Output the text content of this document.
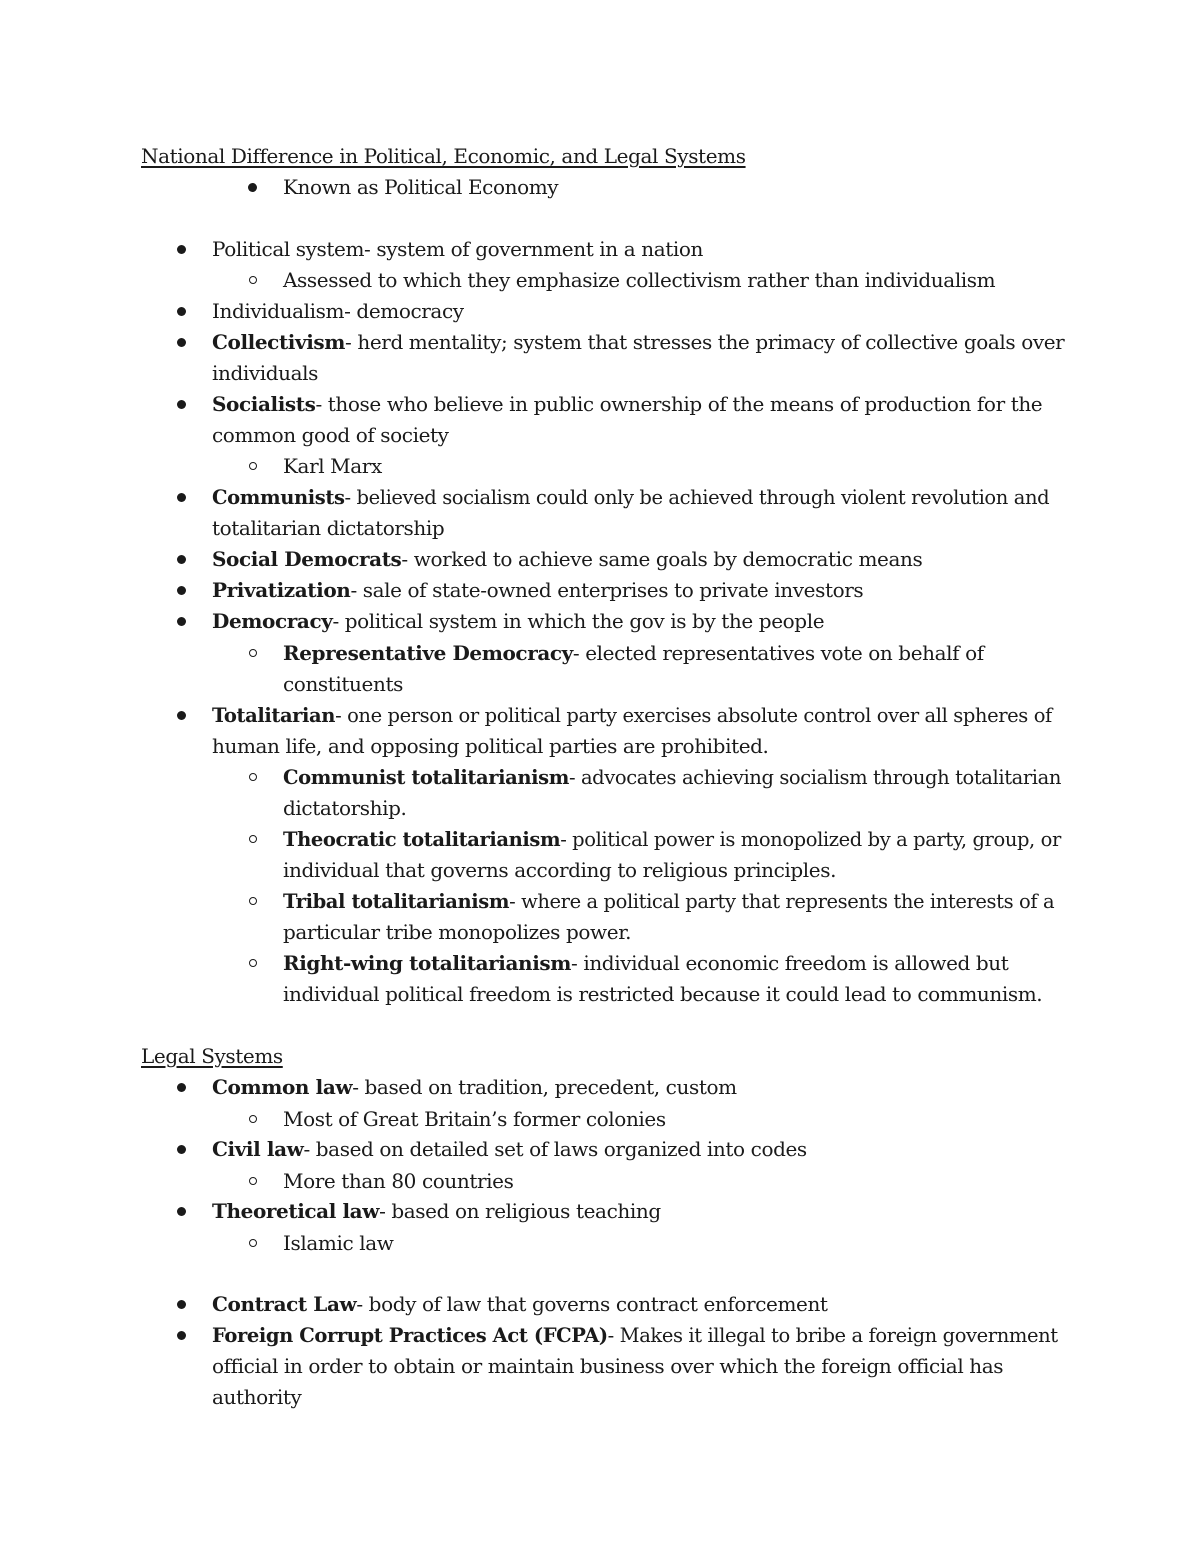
National Difference in Political, Economic, and Legal Systems
Known as Political Economy
Political system- system of government in a nation
Assessed to which they emphasize collectivism rather than individualism
Individualism- democracy
Collectivism- herd mentality; system that stresses the primacy of collective goals over
individuals
Socialists- those who believe in public ownership of the means of production for the
common good of society
Karl Marx
Communists- believed socialism could only be achieved through violent revolution and
totalitarian dictatorship
Social Democrats- worked to achieve same goals by democratic means
Privatization- sale of state-owned enterprises to private investors
Democracy- political system in which the gov is by the people
Representative Democracy- elected representatives vote on behalf of
constituents
Totalitarian- one person or political party exercises absolute control over all spheres of
human life, and opposing political parties are prohibited.
Communist totalitarianism- advocates achieving socialism through totalitarian
dictatorship.
Theocratic totalitarianism- political power is monopolized by a party, group, or
individual that governs according to religious principles.
Tribal totalitarianism- where a political party that represents the interests of a
particular tribe monopolizes power.
Right-wing totalitarianism- individual economic freedom is allowed but
individual political freedom is restricted because it could lead to communism.
Legal Systems
Common law- based on tradition, precedent, custom
Most of Great Britain’s former colonies
Civil law- based on detailed set of laws organized into codes
More than 80 countries
Theoretical law- based on religious teaching
Islamic law
Contract Law- body of law that governs contract enforcement
Foreign Corrupt Practices Act (FCPA)- Makes it illegal to bribe a foreign government
official in order to obtain or maintain business over which the foreign official has
authority
